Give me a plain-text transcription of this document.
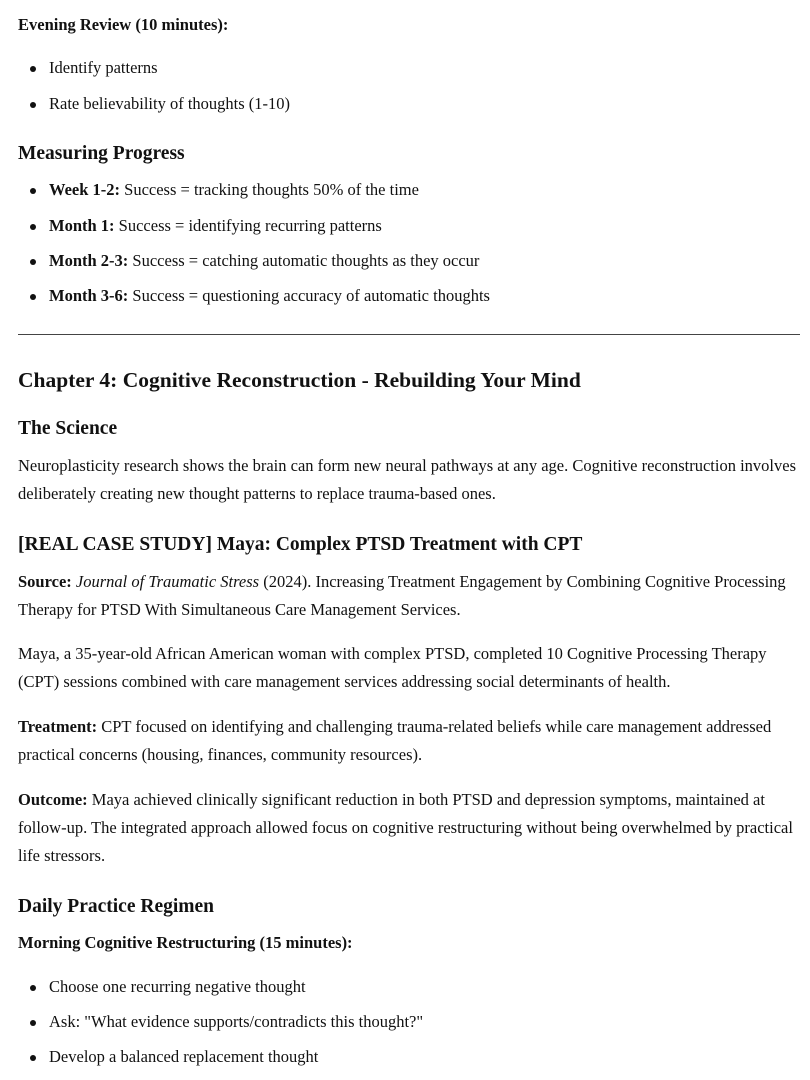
Evening Review (10 minutes):
Identify patterns
Rate believability of thoughts (1-10)
Measuring Progress
Week 1-2: Success = tracking thoughts 50% of the time
Month 1: Success = identifying recurring patterns
Month 2-3: Success = catching automatic thoughts as they occur
Month 3-6: Success = questioning accuracy of automatic thoughts
Chapter 4: Cognitive Reconstruction - Rebuilding Your Mind
The Science

Neuroplasticity research shows the brain can form new neural pathways at any age. Cognitive reconstruction involves deliberately creating new thought patterns to replace trauma-based ones.

[REAL CASE STUDY] Maya: Complex PTSD Treatment with CPT

Source: Journal of Traumatic Stress (2024). Increasing Treatment Engagement by Combining Cognitive Processing Therapy for PTSD With Simultaneous Care Management Services.

Maya, a 35-year-old African American woman with complex PTSD, completed 10 Cognitive Processing Therapy (CPT) sessions combined with care management services addressing social determinants of health.

Treatment: CPT focused on identifying and challenging trauma-related beliefs while care management addressed practical concerns (housing, finances, community resources).

Outcome: Maya achieved clinically significant reduction in both PTSD and depression symptoms, maintained at follow-up. The integrated approach allowed focus on cognitive restructuring without being overwhelmed by practical life stressors.

Daily Practice Regimen
Morning Cognitive Restructuring (15 minutes):
Choose one recurring negative thought
Ask: "What evidence supports/contradicts this thought?"
Develop a balanced replacement thought
